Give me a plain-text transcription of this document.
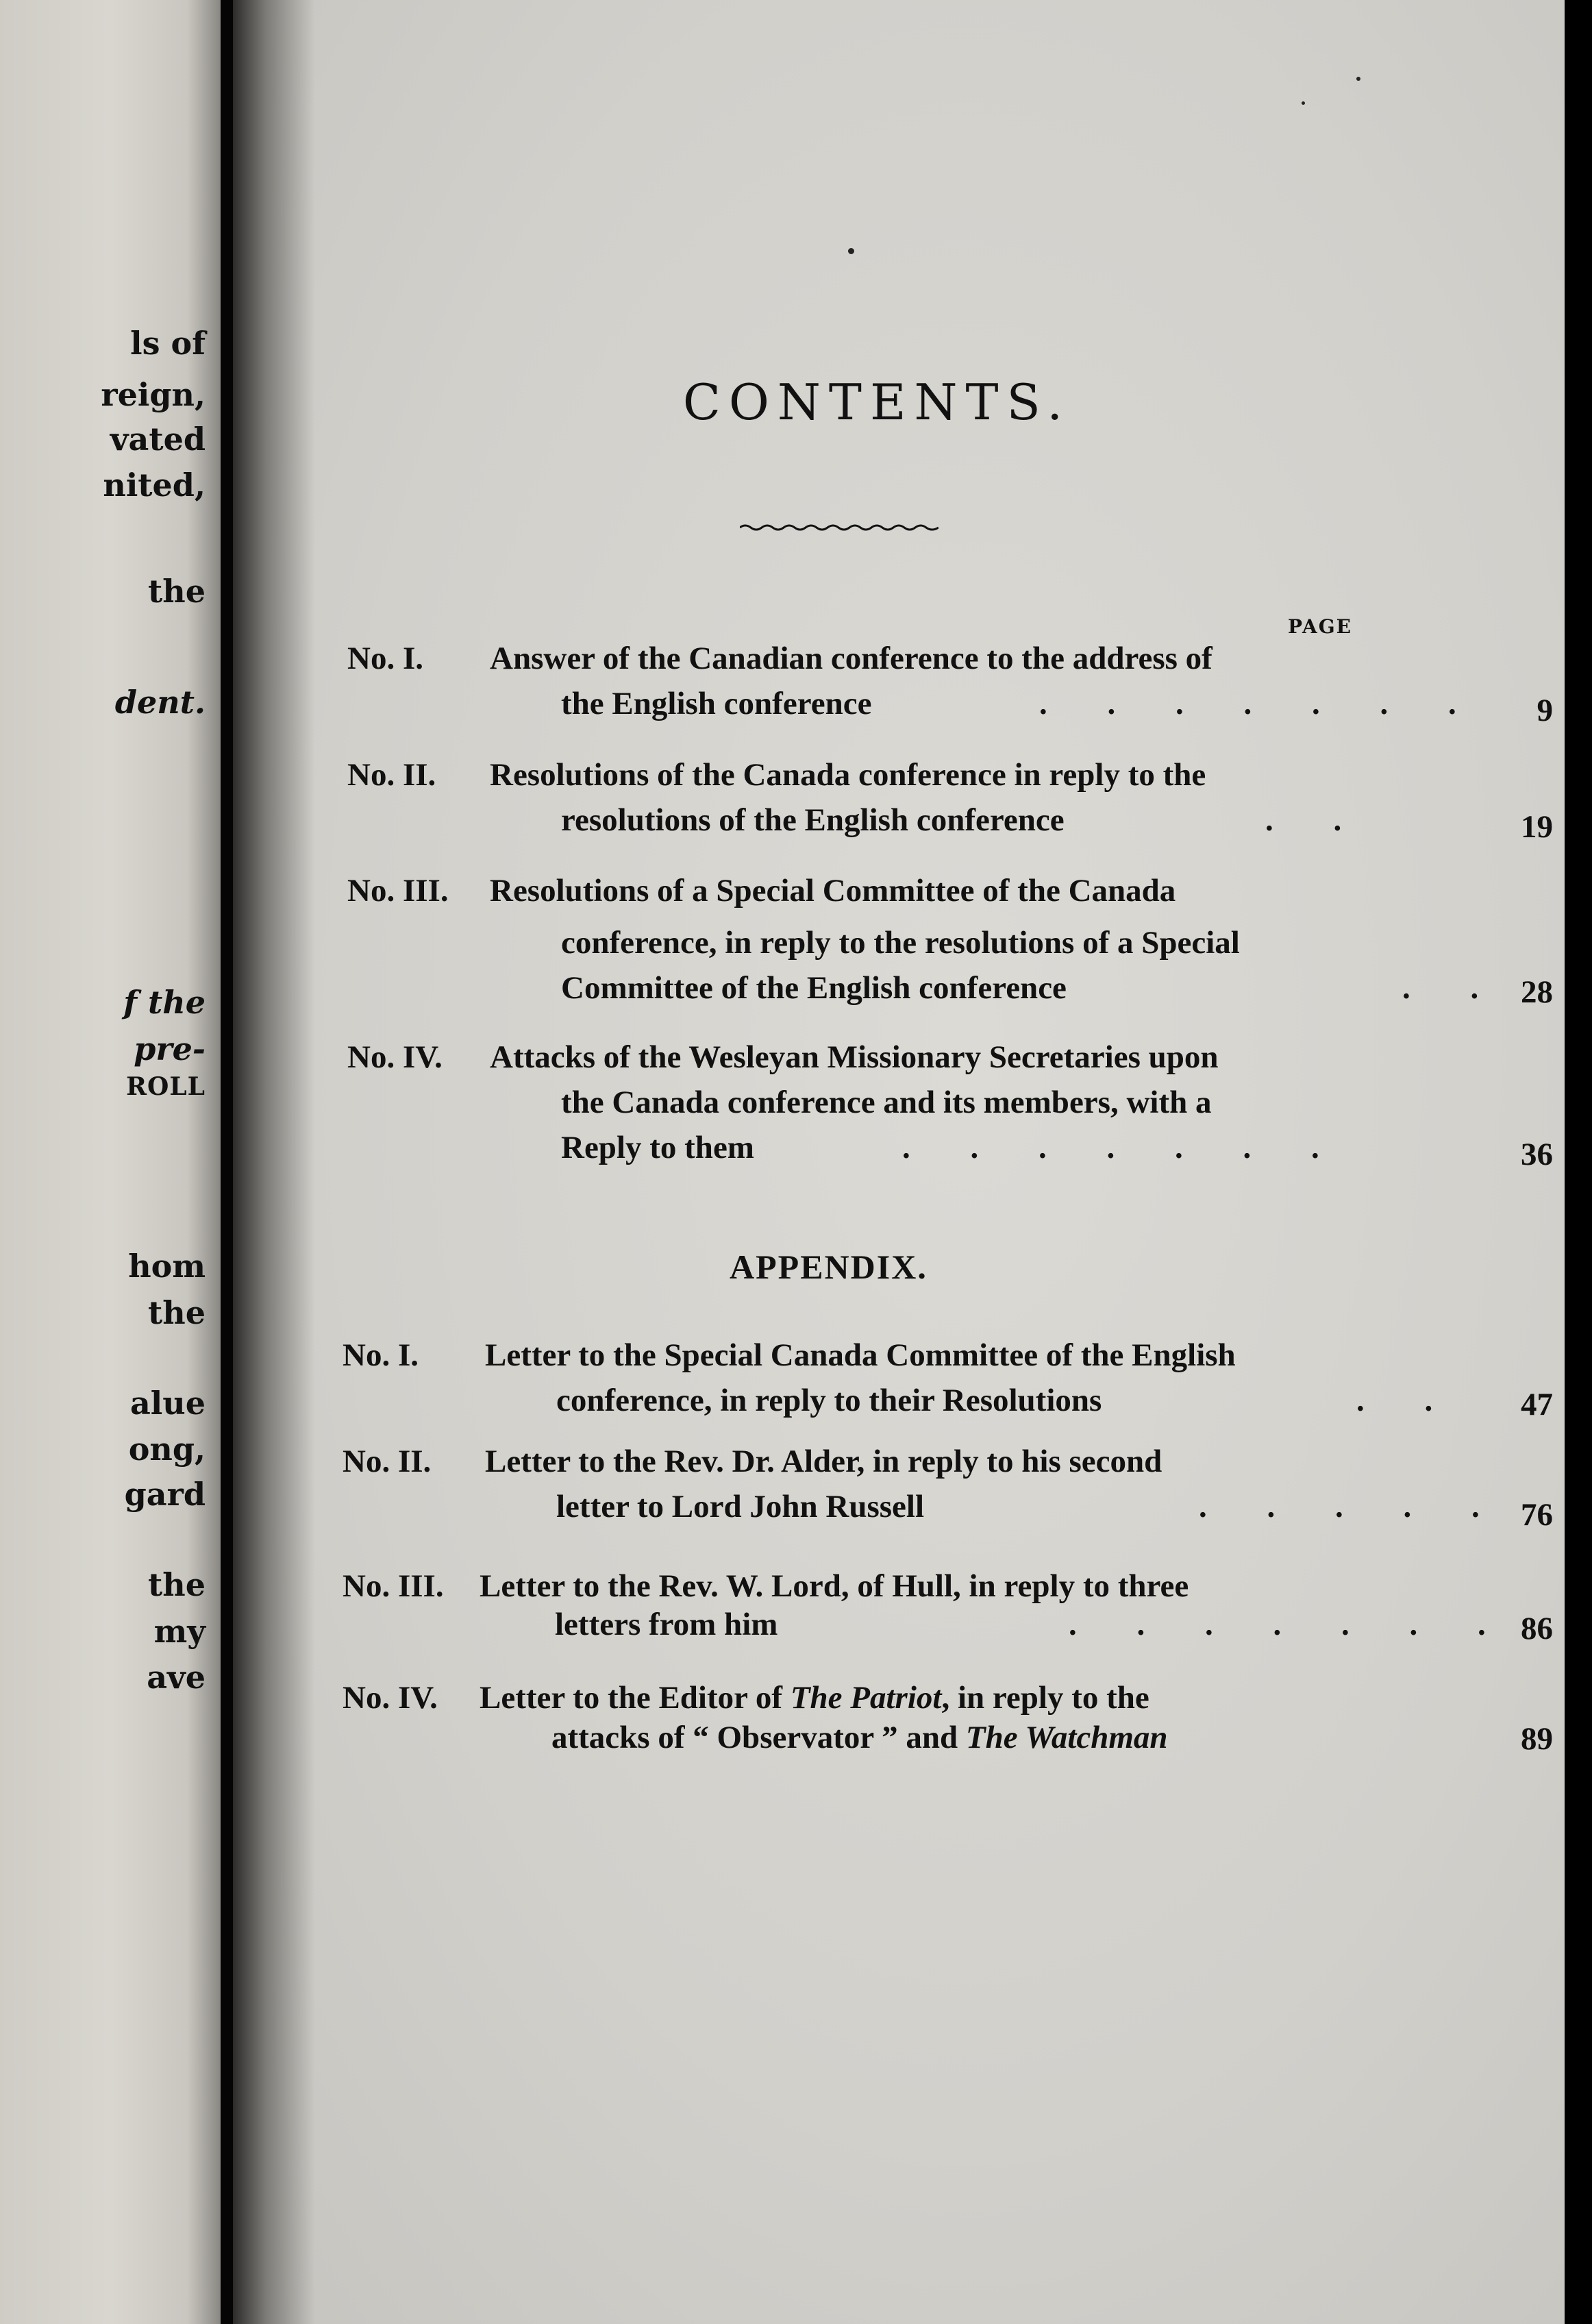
ls of
reign,
vated
nited,
the
dent.
f the
pre-
ROLL
hom
the
alue
ong,
gard
the
my
ave
CONTENTS.
PAGE
No. I. Answer of the Canadian conference to the address of
the English conference	. . . . . . . 9
No. II. Resolutions of the Canada conference in reply to the
resolutions of the English conference	. .	19
No. III. Resolutions of a Special Committee of the Canada
conference, in reply to the resolutions of a Special
Committee of the English conference	. . 28
No. IV. Attacks of the Wesleyan Missionary Secretaries upon
the Canada conference and its members, with a
Reply to them	. . . . . . .	36
APPENDIX.
No. I. Letter to the Special Canada Committee of the English
conference, in reply to their Resolutions	. . 47
No. II. Letter to the Rev. Dr. Alder, in reply to his second
letter to Lord John Russell	. . . . . 76
No. III. Letter to the Rev. W. Lord, of Hull, in reply to three
letters from him	. . . . . . . 86
No. IV. Letter to the Editor of The Patriot, in reply to the
attacks of “ Observator ” and The Watchman	89
